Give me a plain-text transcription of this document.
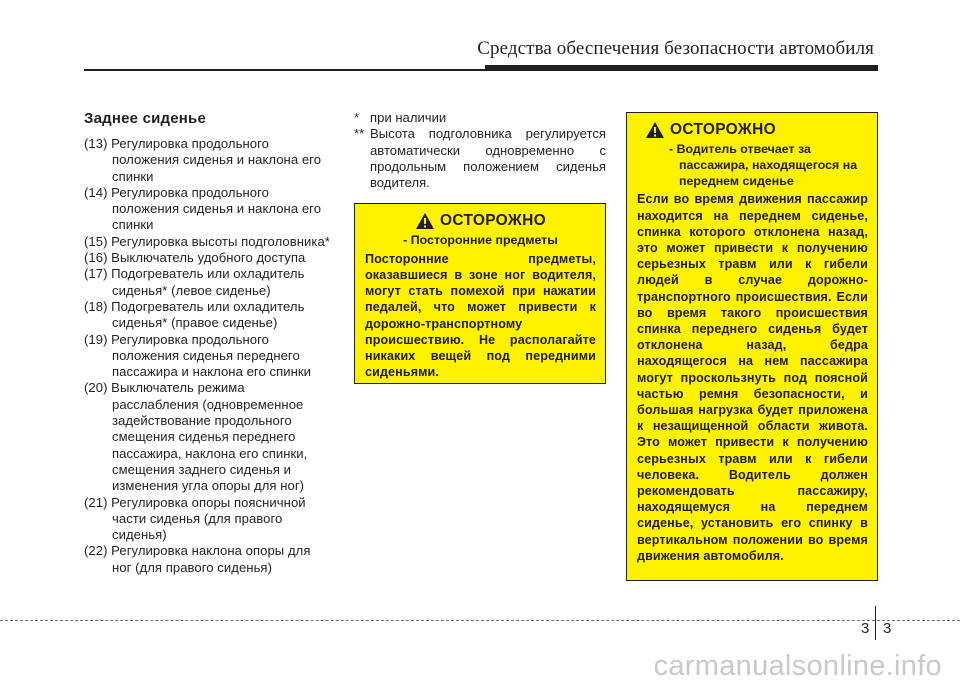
Средства обеспечения безопасности автомобиля
Заднее сиденье
(13) Регулировка продольного положения сиденья и наклона его спинки
(14) Регулировка продольного положения сиденья и наклона его спинки
(15) Регулировка высоты подголовника*
(16) Выключатель удобного доступа
(17) Подогреватель или охладитель сиденья* (левое сиденье)
(18) Подогреватель или охладитель сиденья* (правое сиденье)
(19) Регулировка продольного положения сиденья переднего пассажира и наклона его спинки
(20) Выключатель режима расслабления (одновременное задействование продольного смещения сиденья переднего пассажира, наклона его спинки, смещения заднего сиденья и изменения угла опоры для ног)
(21) Регулировка опоры поясничной части сиденья (для правого сиденья)
(22) Регулировка наклона опоры для ног (для правого сиденья)

* при наличии

** Высота подголовника регулируется автоматически одновременно с продольным положением сиденья водителя.

ОСТОРОЖНО
- Посторонние предметы
Посторонние предметы, оказавшиеся в зоне ног водителя, могут стать помехой при нажатии педалей, что может привести к дорожно-транспортному происшествию. Не располагайте никаких вещей под передними сиденьями.
ОСТОРОЖНО
- Водитель отвечает за пассажира, находящегося на переднем сиденье
Если во время движения пассажир находится на переднем сиденье, спинка которого отклонена назад, это может привести к получению серьезных травм или к гибели людей в случае дорожно-транспортного происшествия. Если во время такого происшествия спинка переднего сиденья будет отклонена назад, бедра находящегося на нем пассажира могут проскользнуть под поясной частью ремня безопасности, и большая нагрузка будет приложена к незащищенной области живота. Это может привести к получению серьезных травм или к гибели человека. Водитель должен рекомендовать пассажиру, находящемуся на переднем сиденье, установить его спинку в вертикальном положении во время движения автомобиля.
3 3
carmanualsonline.info
